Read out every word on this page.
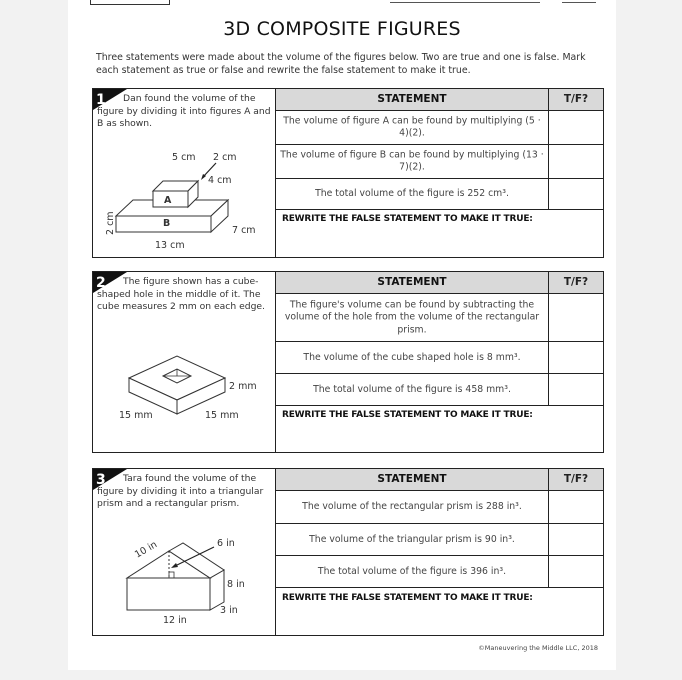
3D COMPOSITE FIGURES
Three statements were made about the volume of the figures below. Two are true and one is false. Mark each statement as true or false and rewrite the false statement to make it true.
1	Dan found the volume of the figure by dividing it into figures A and B as shown.
5 cm 2 cm
4 cm
A
B
2 cm	7 cm
13 cm
STATEMENT	T/F?
The volume of figure A can be found by multiplying (5 · 4)(2).
The volume of figure B can be found by multiplying (13 · 7)(2).
The total volume of the figure is 252 cm³.
REWRITE THE FALSE STATEMENT TO MAKE IT TRUE:
2	The figure shown has a cube-shaped hole in the middle of it. The cube measures 2 mm on each edge.
2 mm
15 mm	15 mm
STATEMENT	T/F?
The figure's volume can be found by subtracting the volume of the hole from the volume of the rectangular prism.
The volume of the cube shaped hole is 8 mm³.
The total volume of the figure is 458 mm³.
REWRITE THE FALSE STATEMENT TO MAKE IT TRUE:
3	Tara found the volume of the figure by dividing it into a triangular prism and a rectangular prism.
10 in	6 in
8 in
3 in
12 in
STATEMENT	T/F?
The volume of the rectangular prism is 288 in³.
The volume of the triangular prism is 90 in³.
The total volume of the figure is 396 in³.
REWRITE THE FALSE STATEMENT TO MAKE IT TRUE:
©Maneuvering the Middle LLC, 2018
